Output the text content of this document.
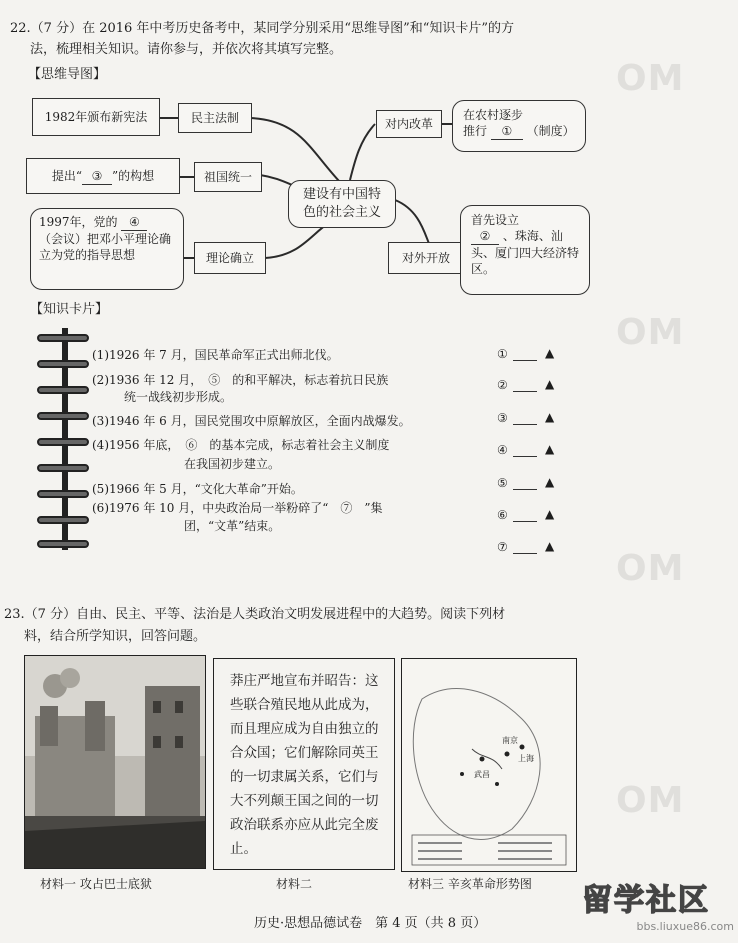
OM
OM
OM
OM
22.（7 分）在 2016 年中考历史备考中，某同学分别采用“思维导图”和“知识卡片”的方
法，梳理相关知识。请你参与，并依次将其填写完整。
【思维导图】
1982年颁布新宪法	民主法制
提出“ ③ ”的构想	祖国统一
1997年，党的 ④ （会议）把邓小平理论确立为党的指导思想	理论确立
建设有中国特色的社会主义
对内改革
在农村逐步
推行 ① （制度）
对外开放
首先设立
② 、珠海、汕头、厦门四大经济特区。
【知识卡片】
(1)1926 年 7 月，国民革命军正式出师北伐。
(2)1936 年 12 月，　⑤　的和平解决，标志着抗日民族
统一战线初步形成。
(3)1946 年 6 月，国民党围攻中原解放区，全面内战爆发。
(4)1956 年底，　⑥　的基本完成，标志着社会主义制度
在我国初步建立。
(5)1966 年 5 月，“文化大革命”开始。
(6)1976 年 10 月，中央政治局一举粉碎了“　⑦　”集
团，“文革”结束。
①	▲
②	▲
③	▲
④	▲
⑤	▲
⑥	▲
⑦	▲
23.（7 分）自由、民主、平等、法治是人类政治文明发展进程中的大趋势。阅读下列材
料，结合所学知识，回答问题。
莽庄严地宣布并昭告：这些联合殖民地从此成为，而且理应成为自由独立的合众国；它们解除同英王的一切隶属关系，它们与大不列颠王国之间的一切政治联系亦应从此完全废止。
武昌
南京
上海
材料一 攻占巴士底狱	材料二	材料三 辛亥革命形势图
历史·思想品德试卷　第 4 页（共 8 页）
留学社区
bbs.liuxue86.com
